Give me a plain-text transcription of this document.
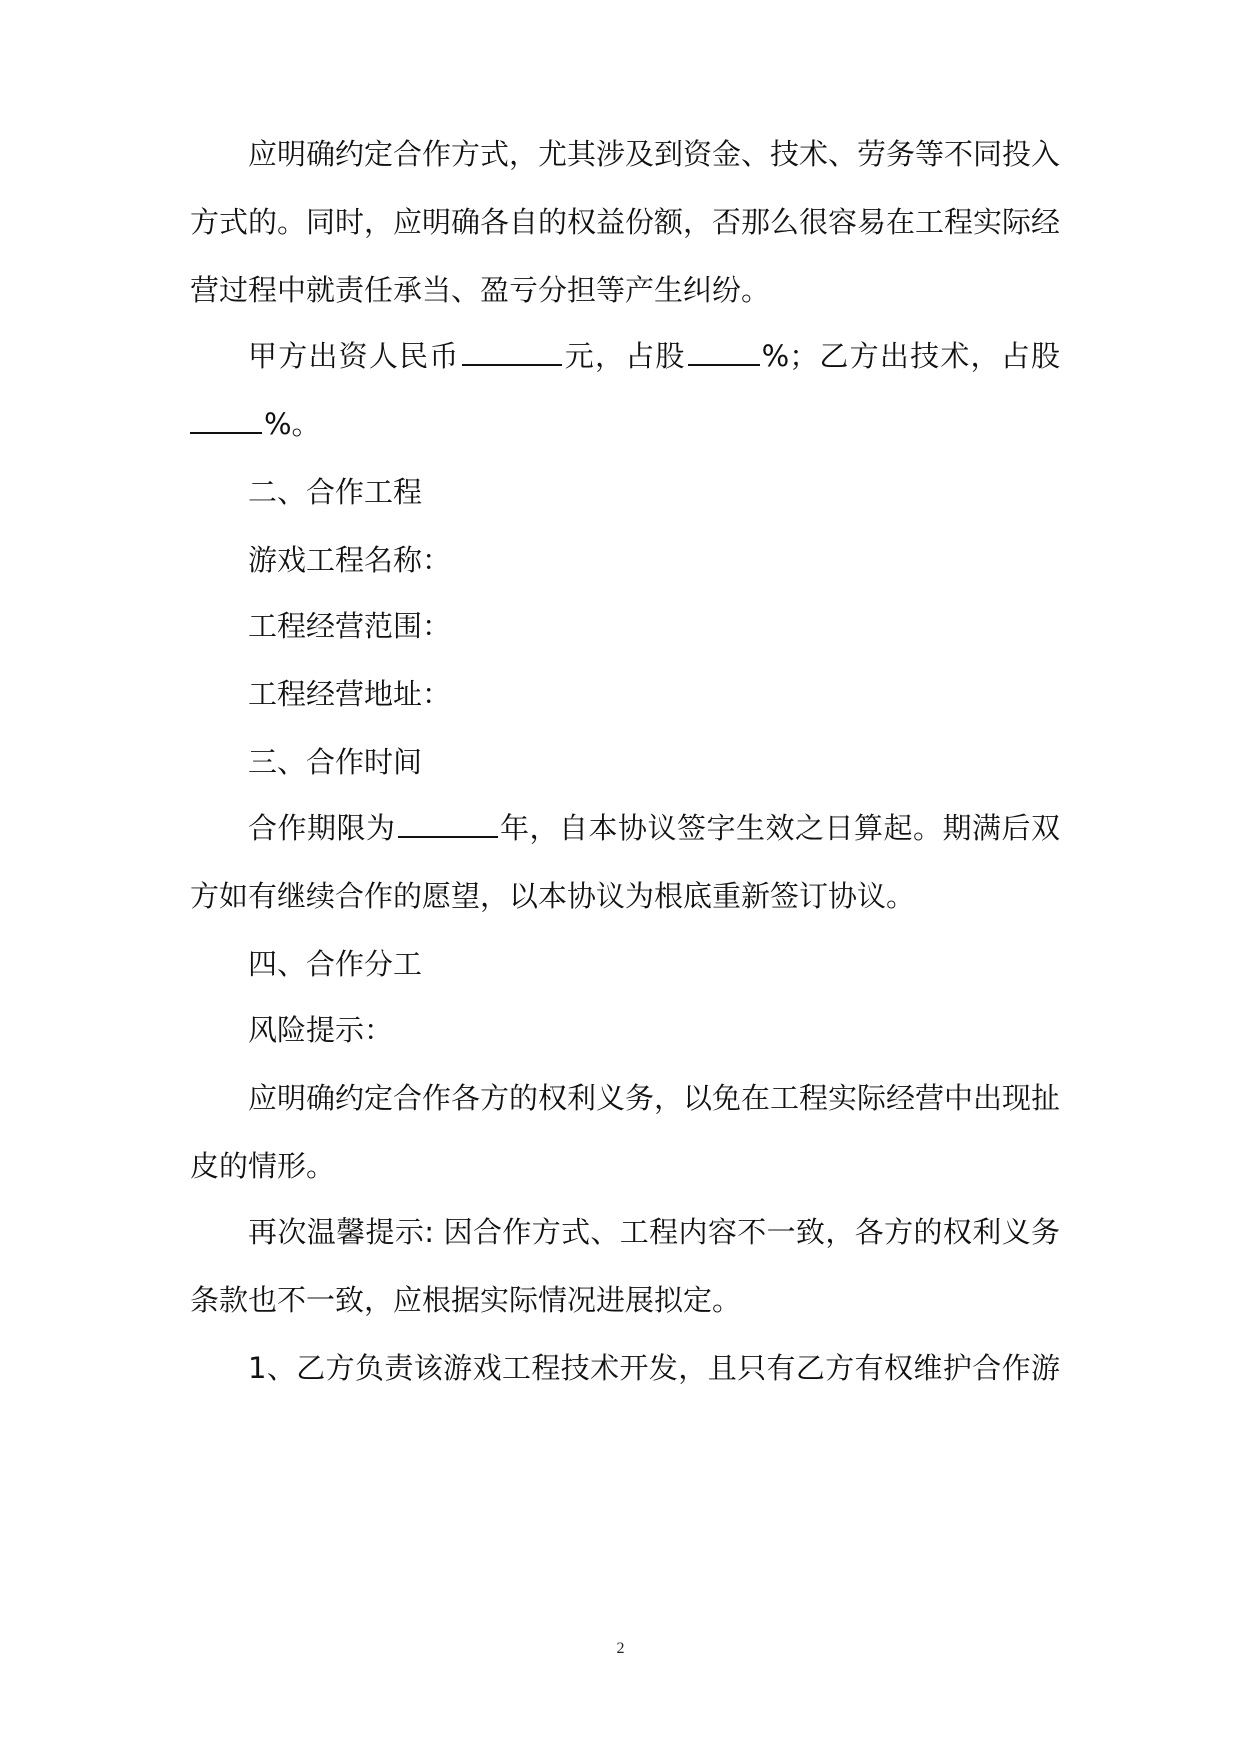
应明确约定合作方式，尤其涉及到资金、技术、劳务等不同投入
方式的。同时，应明确各自的权益份额，否那么很容易在工程实际经
营过程中就责任承当、盈亏分担等产生纠纷。
甲方出资人民币	元，占股	%；乙方出技术，占股
%。
二、合作工程
游戏工程名称：
工程经营范围：
工程经营地址：
三、合作时间
合作期限为	年，自本协议签字生效之日算起。期满后双
方如有继续合作的愿望，以本协议为根底重新签订协议。
四、合作分工
风险提示：
应明确约定合作各方的权利义务，以免在工程实际经营中出现扯
皮的情形。
再次温馨提示: 因合作方式、工程内容不一致，各方的权利义务
条款也不一致，应根据实际情况进展拟定。
1、乙方负责该游戏工程技术开发，且只有乙方有权维护合作游
2
